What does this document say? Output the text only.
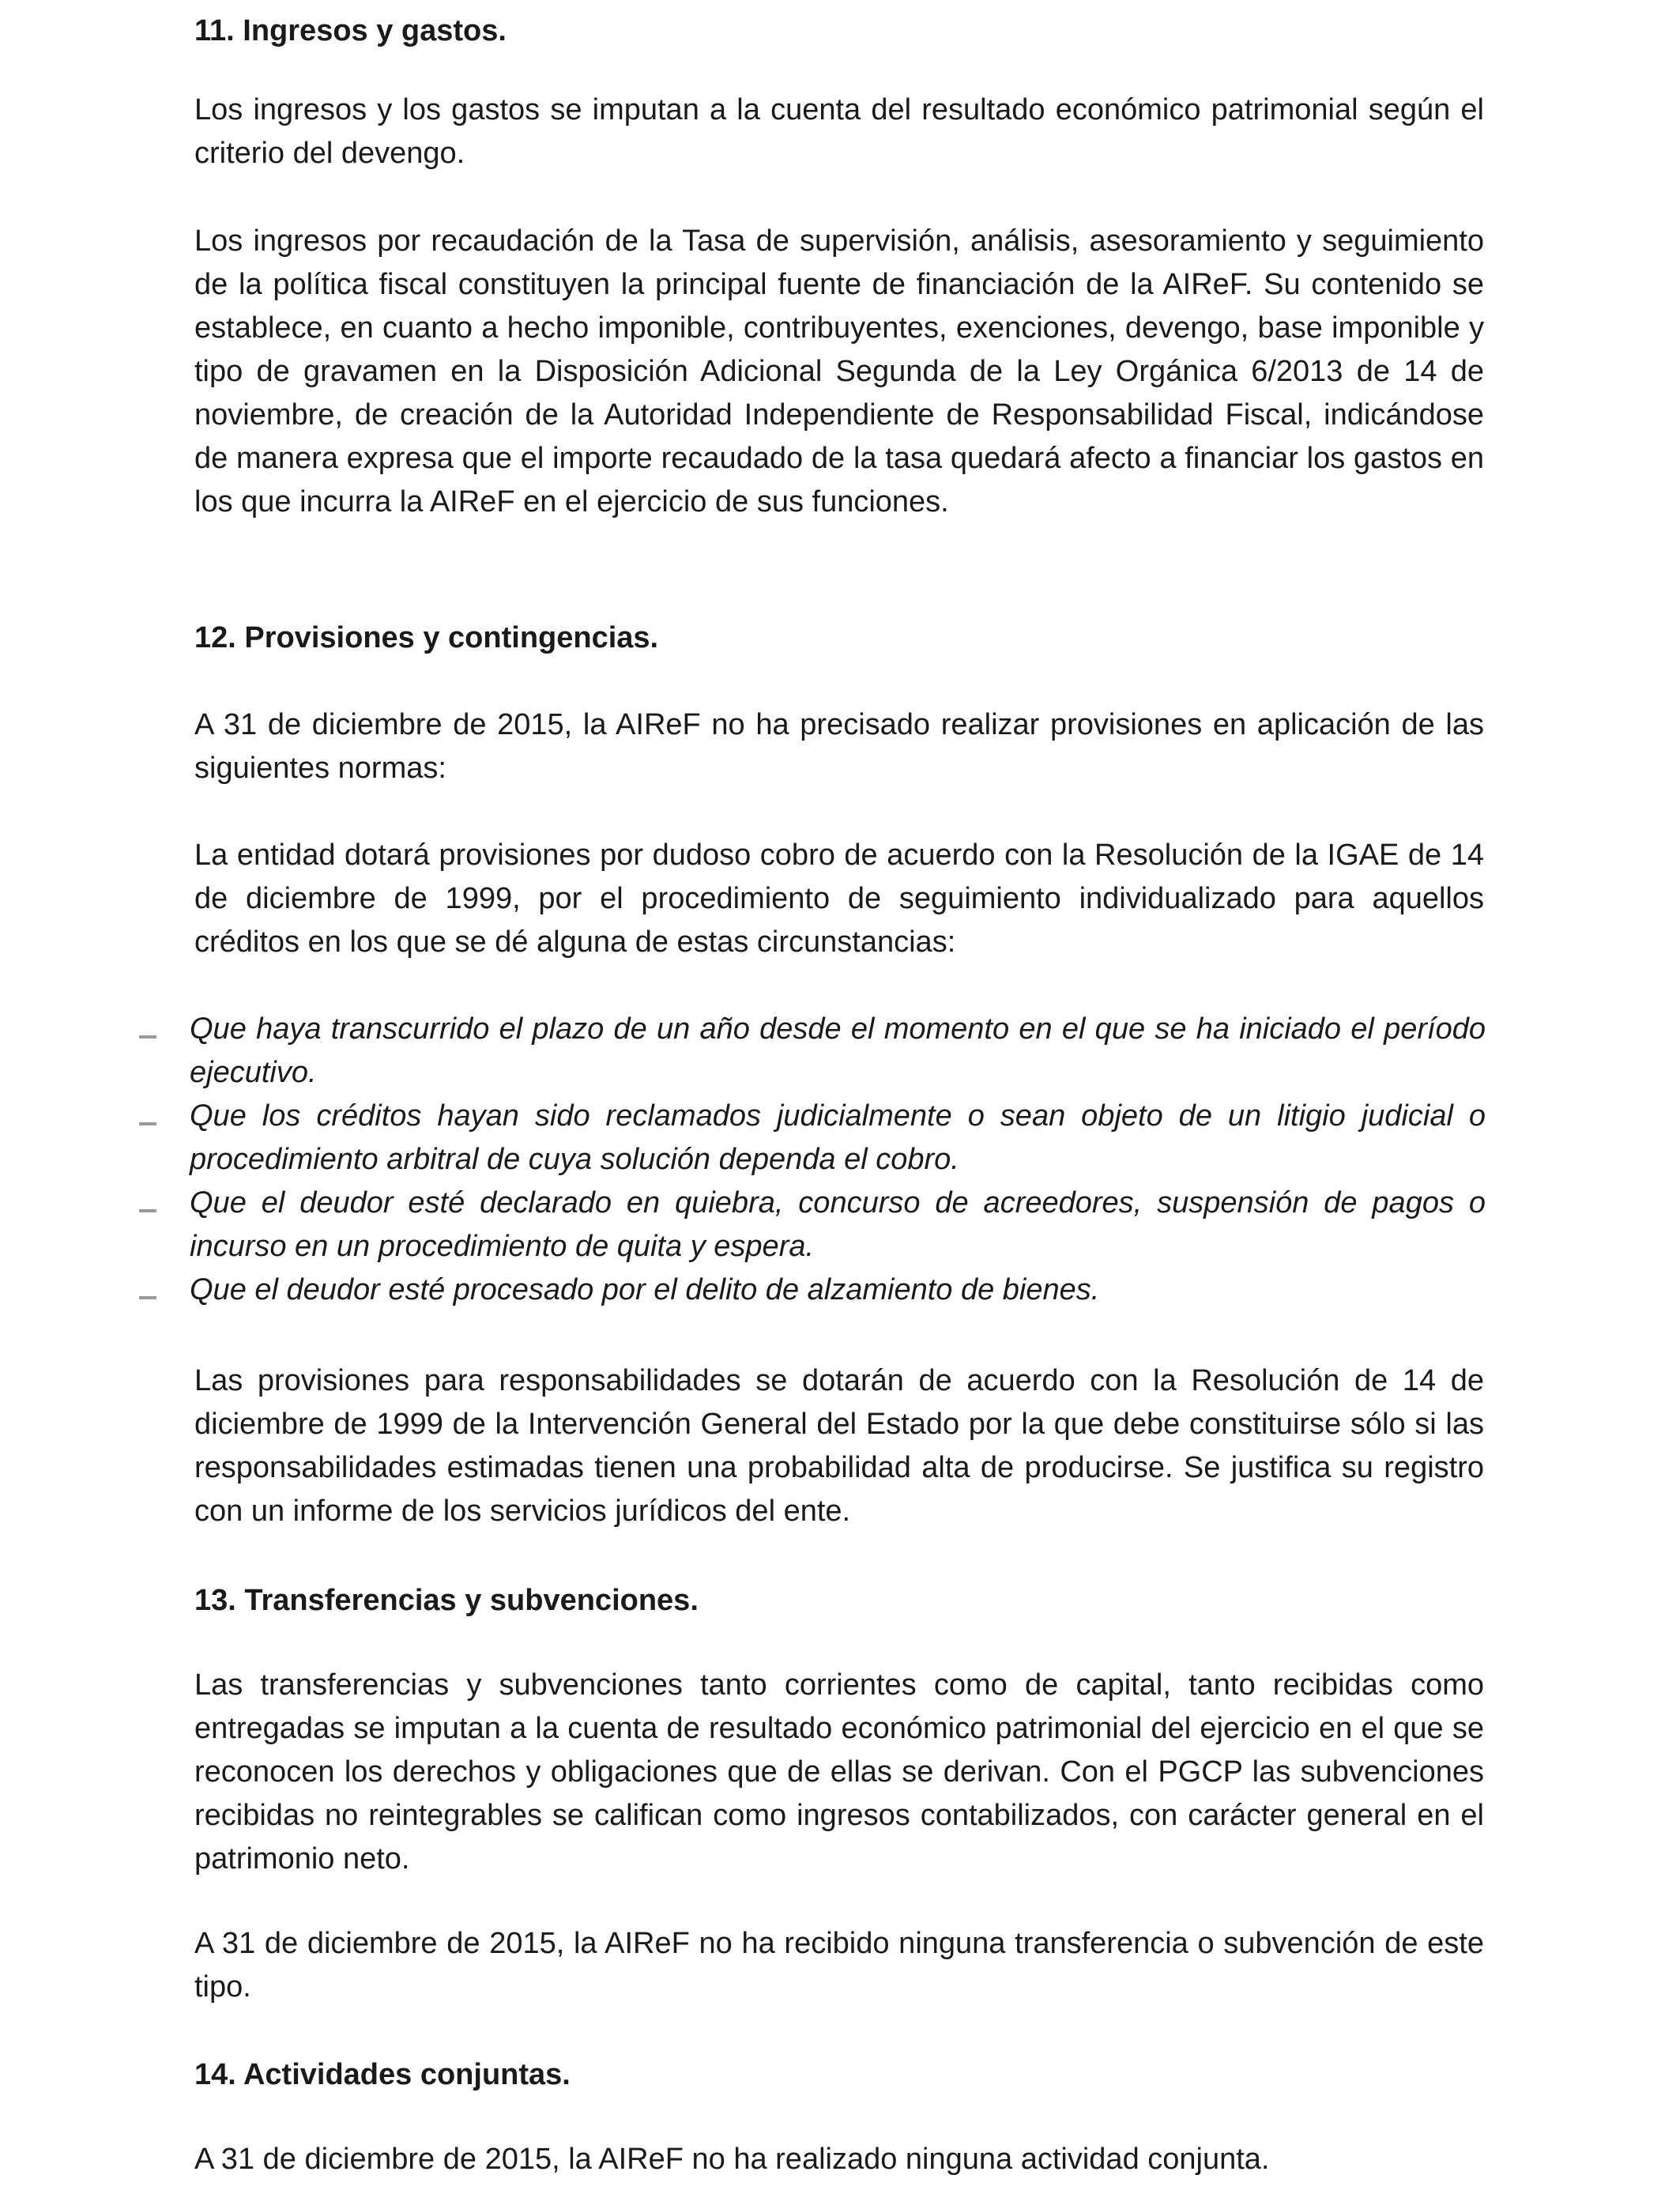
11. Ingresos y gastos.

Los ingresos y los gastos se imputan a la cuenta del resultado económico patrimonial según el criterio del devengo.

Los ingresos por recaudación de la Tasa de supervisión, análisis, asesoramiento y seguimiento de la política fiscal constituyen la principal fuente de financiación de la AIReF. Su contenido se establece, en cuanto a hecho imponible, contribuyentes, exenciones, devengo, base imponible y tipo de gravamen en la Disposición Adicional Segunda de la Ley Orgánica 6/2013 de 14 de noviembre, de creación de la Autoridad Independiente de Responsabilidad Fiscal, indicándose de manera expresa que el importe recaudado de la tasa quedará afecto a financiar los gastos en los que incurra la AIReF en el ejercicio de sus funciones.

12. Provisiones y contingencias.

A 31 de diciembre de 2015, la AIReF no ha precisado realizar provisiones en aplicación de las siguientes normas:

La entidad dotará provisiones por dudoso cobro de acuerdo con la Resolución de la IGAE de 14 de diciembre de 1999, por el procedimiento de seguimiento individualizado para aquellos créditos en los que se dé alguna de estas circunstancias:

Que haya transcurrido el plazo de un año desde el momento en el que se ha iniciado el período ejecutivo.

Que los créditos hayan sido reclamados judicialmente o sean objeto de un litigio judicial o procedimiento arbitral de cuya solución dependa el cobro.

Que el deudor esté declarado en quiebra, concurso de acreedores, suspensión de pagos o incurso en un procedimiento de quita y espera.

Que el deudor esté procesado por el delito de alzamiento de bienes.

Las provisiones para responsabilidades se dotarán de acuerdo con la Resolución de 14 de diciembre de 1999 de la Intervención General del Estado por la que debe constituirse sólo si las responsabilidades estimadas tienen una probabilidad alta de producirse. Se justifica su registro con un informe de los servicios jurídicos del ente.

13. Transferencias y subvenciones.

Las transferencias y subvenciones tanto corrientes como de capital, tanto recibidas como entregadas se imputan a la cuenta de resultado económico patrimonial del ejercicio en el que se reconocen los derechos y obligaciones que de ellas se derivan. Con el PGCP las subvenciones recibidas no reintegrables se califican como ingresos contabilizados, con carácter general en el patrimonio neto.

A 31 de diciembre de 2015, la AIReF no ha recibido ninguna transferencia o subvención de este tipo.

14. Actividades conjuntas.

A 31 de diciembre de 2015, la AIReF no ha realizado ninguna actividad conjunta.
